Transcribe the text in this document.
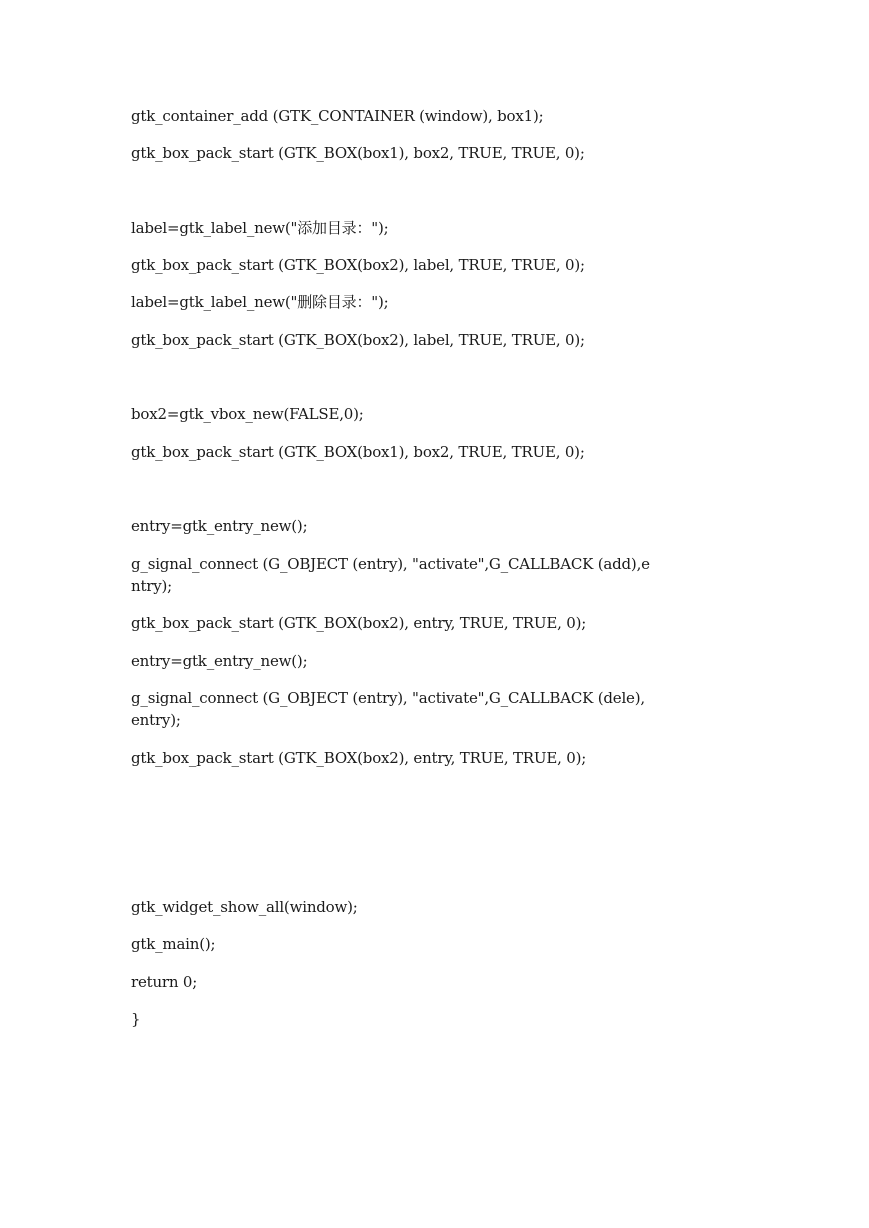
gtk_container_add (GTK_CONTAINER (window), box1);

gtk_box_pack_start (GTK_BOX(box1), box2, TRUE, TRUE, 0);

label=gtk_label_new("添加目录：");

gtk_box_pack_start (GTK_BOX(box2), label, TRUE, TRUE, 0);

label=gtk_label_new("删除目录：");

gtk_box_pack_start (GTK_BOX(box2), label, TRUE, TRUE, 0);

box2=gtk_vbox_new(FALSE,0);

gtk_box_pack_start (GTK_BOX(box1), box2, TRUE, TRUE, 0);

entry=gtk_entry_new();

g_signal_connect (G_OBJECT (entry), "activate",G_CALLBACK (add),entry);

gtk_box_pack_start (GTK_BOX(box2), entry, TRUE, TRUE, 0);

entry=gtk_entry_new();

g_signal_connect (G_OBJECT (entry), "activate",G_CALLBACK (dele),entry);

gtk_box_pack_start (GTK_BOX(box2), entry, TRUE, TRUE, 0);

gtk_widget_show_all(window);

gtk_main();

return 0;

}
